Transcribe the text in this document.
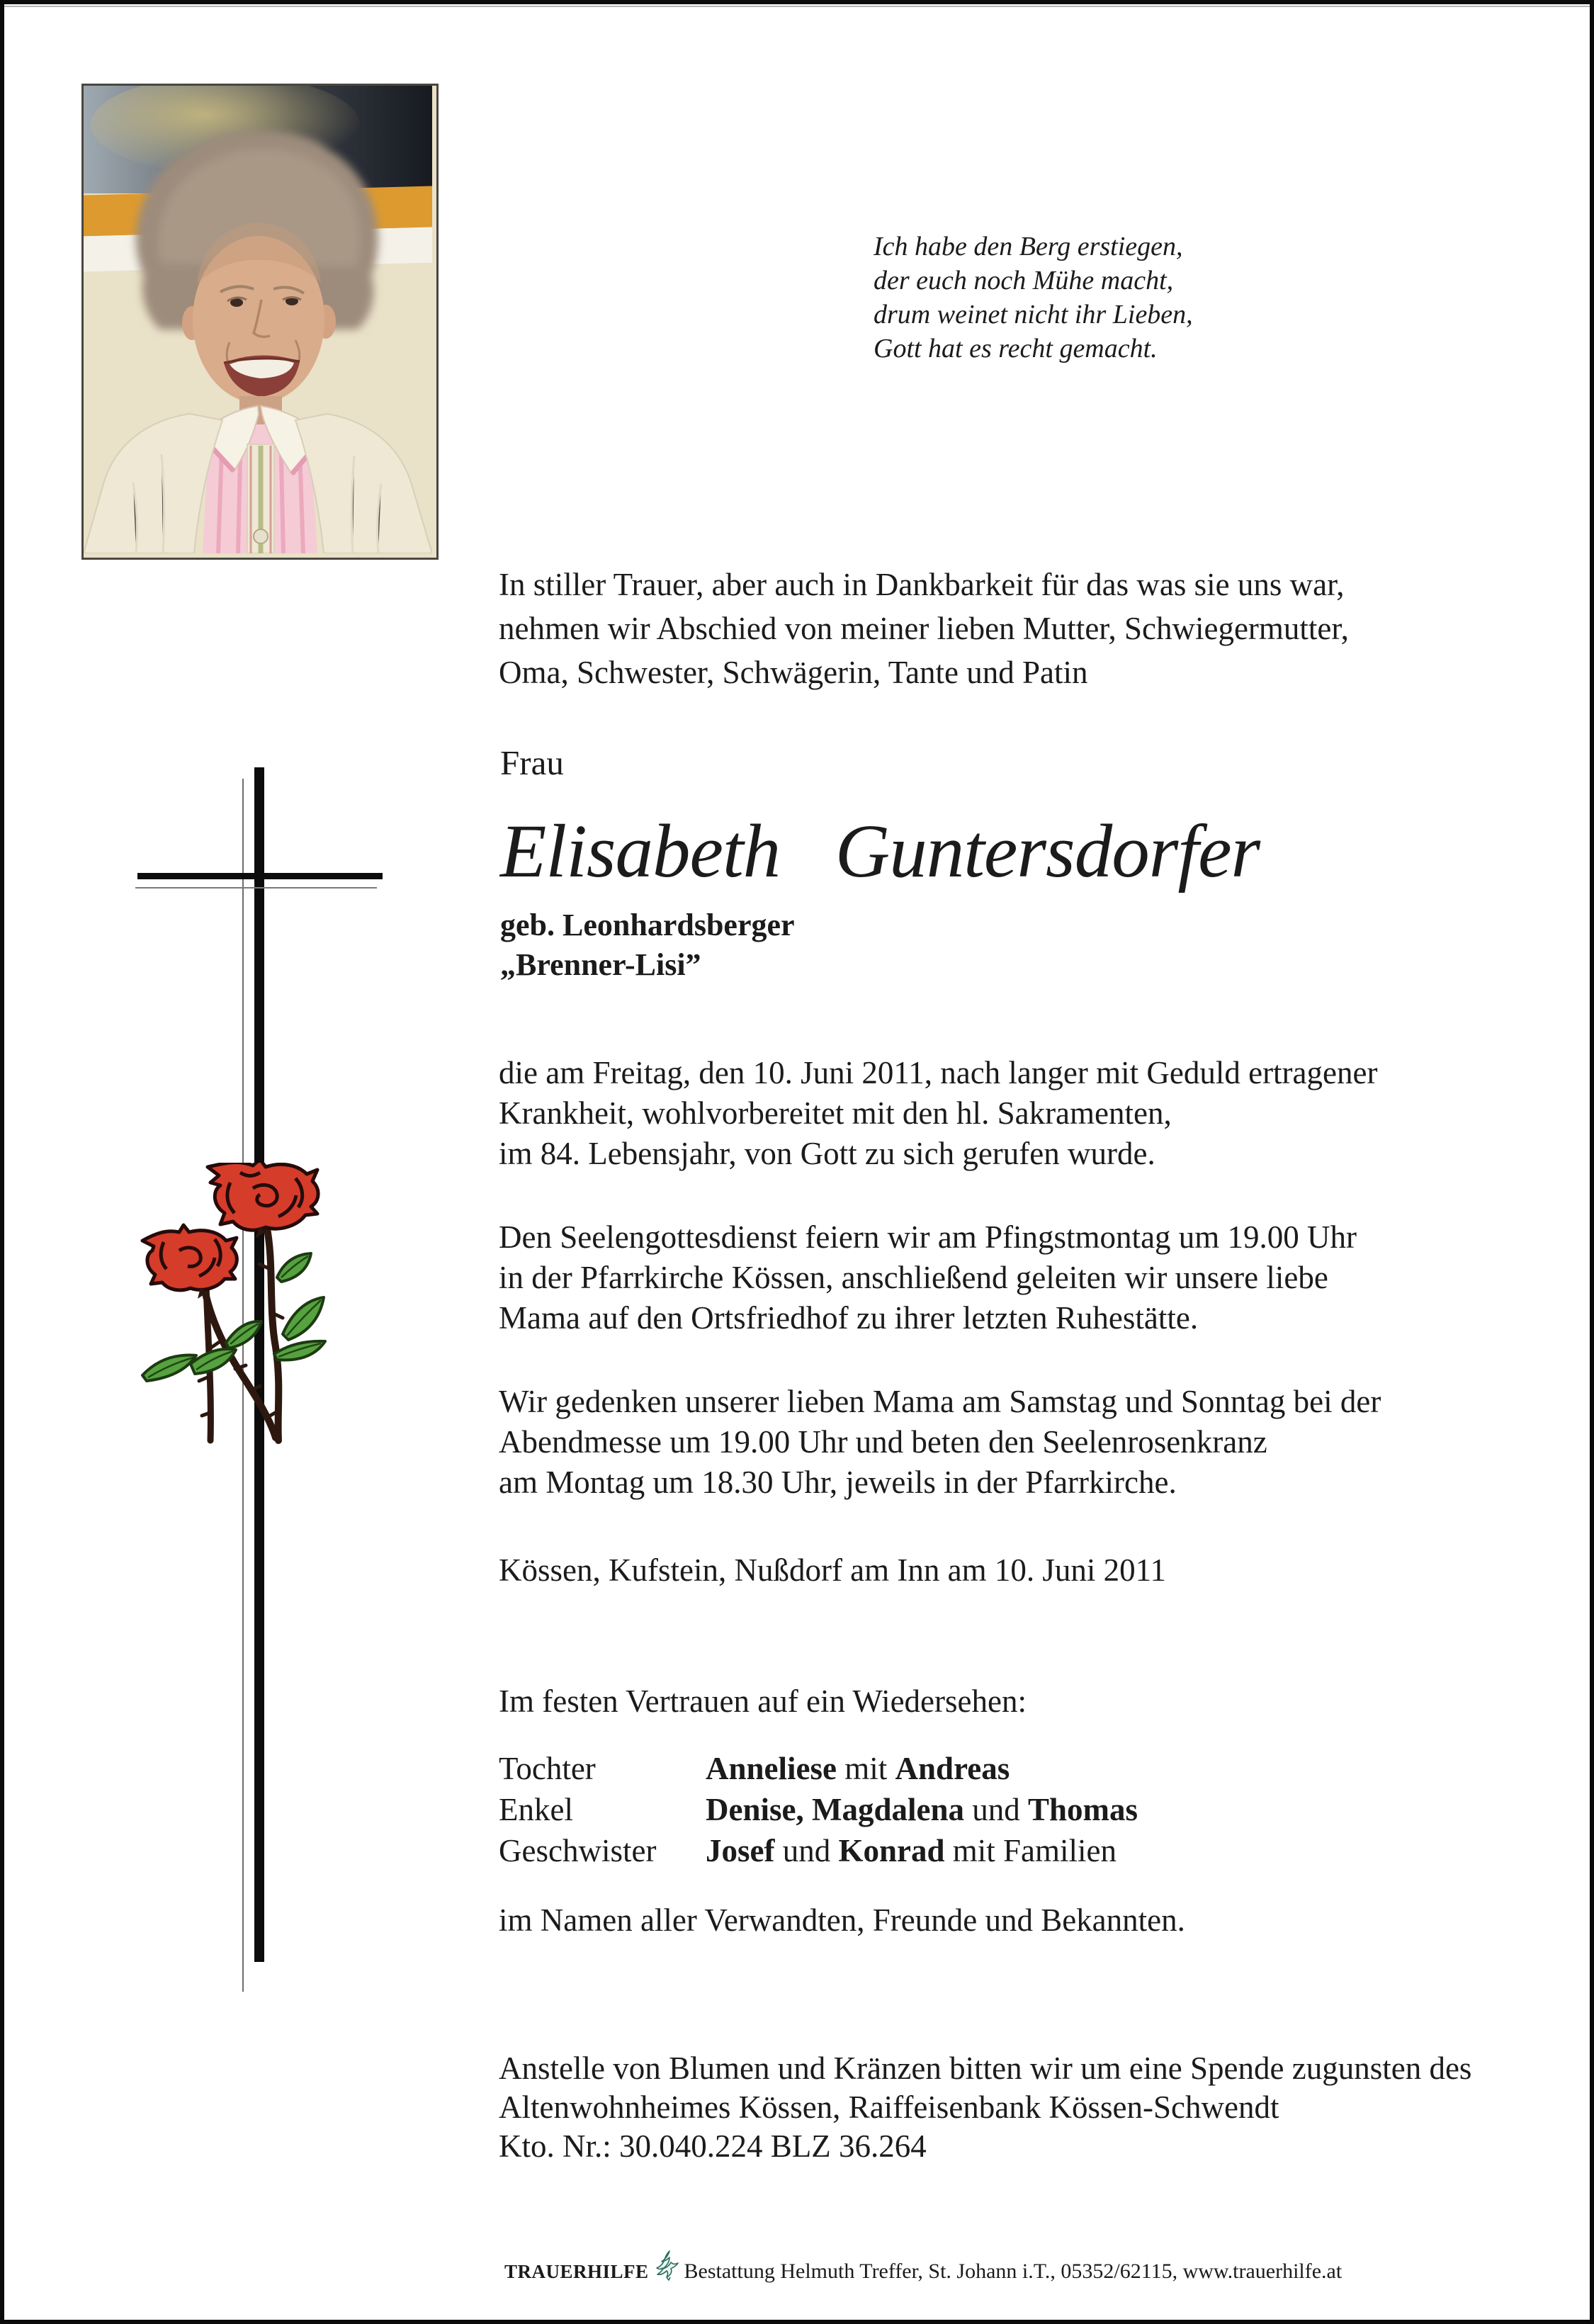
Ich habe den Berg erstiegen,
der euch noch Mühe macht,
drum weinet nicht ihr Lieben,
Gott hat es recht gemacht.
In stiller Trauer, aber auch in Dankbarkeit für das was sie uns war,
nehmen wir Abschied von meiner lieben Mutter, Schwiegermutter,
Oma, Schwester, Schwägerin, Tante und Patin
Frau
Elisabeth Guntersdorfer
geb. Leonhardsberger
„Brenner-Lisi”
die am Freitag, den 10. Juni 2011, nach langer mit Geduld ertragener
Krankheit, wohlvorbereitet mit den hl. Sakramenten,
im 84. Lebensjahr, von Gott zu sich gerufen wurde.
Den Seelengottesdienst feiern wir am Pfingstmontag um 19.00 Uhr
in der Pfarrkirche Kössen, anschließend geleiten wir unsere liebe
Mama auf den Ortsfriedhof zu ihrer letzten Ruhestätte.
Wir gedenken unserer lieben Mama am Samstag und Sonntag bei der
Abendmesse um 19.00 Uhr und beten den Seelenrosenkranz
am Montag um 18.30 Uhr, jeweils in der Pfarrkirche.
Kössen, Kufstein, Nußdorf am Inn am 10. Juni 2011
Im festen Vertrauen auf ein Wiedersehen:
Tochter	Anneliese mit Andreas
Enkel	Denise, Magdalena und Thomas
Geschwister	Josef und Konrad mit Familien
im Namen aller Verwandten, Freunde und Bekannten.
Anstelle von Blumen und Kränzen bitten wir um eine Spende zugunsten des
Altenwohnheimes Kössen, Raiffeisenbank Kössen-Schwendt
Kto. Nr.: 30.040.224 BLZ 36.264
TRAUERHILFE Bestattung Helmuth Treffer, St. Johann i.T., 05352/62115, www.trauerhilfe.at
